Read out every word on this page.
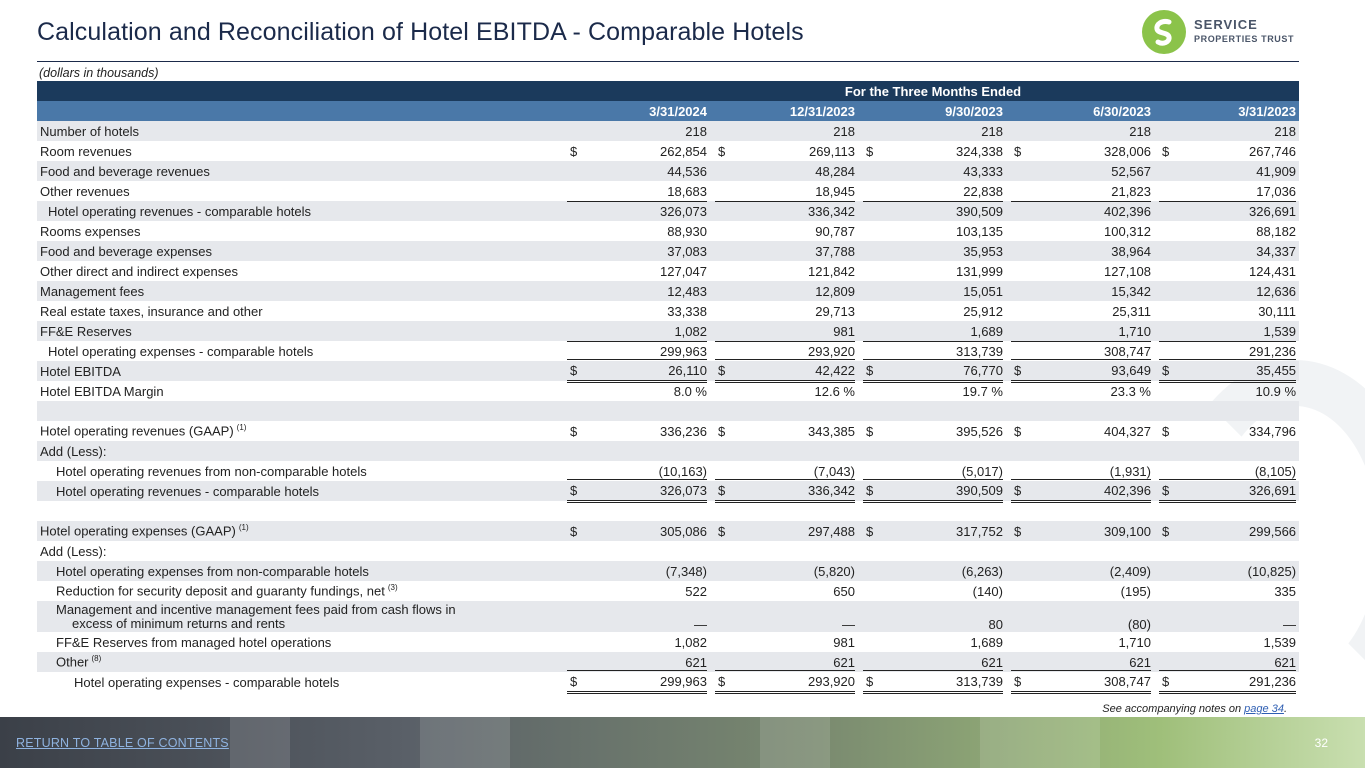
Calculation and Reconciliation of Hotel EBITDA - Comparable Hotels	SERVICE
PROPERTIES TRUST
(dollars in thousands)
	For the Three Months Ended								
	3/31/2024		12/31/2023		9/30/2023		6/30/2023		3/31/2023
Number of hotels	218		218		218		218		218

Room revenues	$ 262,854		$ 269,113		$ 324,338		$ 328,006		$ 267,746

Food and beverage revenues	44,536		48,284		43,333		52,567		41,909

Other revenues	18,683		18,945		22,838		21,823		17,036

Hotel operating revenues - comparable hotels	326,073		336,342		390,509		402,396		326,691

Rooms expenses	88,930		90,787		103,135		100,312		88,182

Food and beverage expenses	37,083		37,788		35,953		38,964		34,337

Other direct and indirect expenses	127,047		121,842		131,999		127,108		124,431

Management fees	12,483		12,809		15,051		15,342		12,636

Real estate taxes, insurance and other	33,338		29,713		25,912		25,311		30,111

FF&E Reserves	1,082		981		1,689		1,710		1,539

Hotel operating expenses - comparable hotels	299,963		293,920		313,739		308,747		291,236

Hotel EBITDA	$ 26,110		$ 42,422		$ 76,770		$ 93,649		$ 35,455

Hotel EBITDA Margin	8.0 %		12.6 %		19.7 %		23.3 %		10.9 %

Hotel operating revenues (GAAP) $^{(1)}$	$ 336,236		$ 343,385		$ 395,526		$ 404,327		$ 334,796

Add (Less):	

Hotel operating revenues from non-comparable hotels	(10,163)		(7,043)		(5,017)		(1,931)		(8,105)

Hotel operating revenues - comparable hotels	$ 326,073		$ 336,342		$ 390,509		$ 402,396		$ 326,691

Hotel operating expenses (GAAP) $^{(1)}$	$ 305,086		$ 297,488		$ 317,752		$ 309,100		$ 299,566

Add (Less):	

Hotel operating expenses from non-comparable hotels	(7,348)		(5,820)		(6,263)		(2,409)		(10,825)

Reduction for security deposit and guaranty fundings, net $^{(3)}$	522		650		(140)		(195)		335

Management and incentive management fees paid from cash flows in
excess of minimum returns and rents	—		—		80		(80)		—

FF&E Reserves from managed hotel operations	1,082		981		1,689		1,710		1,539

Other $^{(8)}$	621		621		621		621		621

Hotel operating expenses - comparable hotels	$ 299,963		$ 293,920		$ 313,739		$ 308,747		$ 291,236
See accompanying notes on page 34.
RETURN TO TABLE OF CONTENTS	32
